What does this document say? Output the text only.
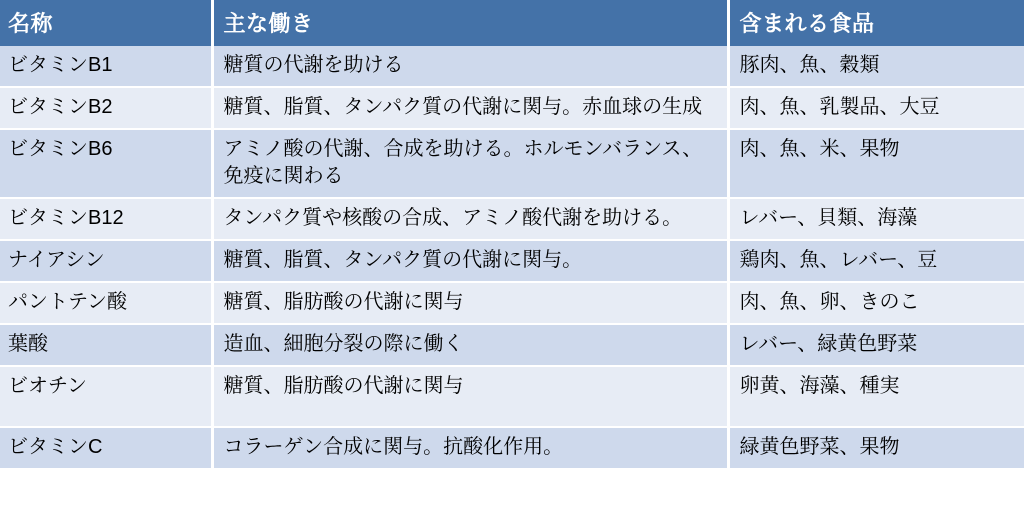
名称	主な働き	含まれる食品
ビタミンB1	糖質の代謝を助ける	豚肉、魚、穀類
ビタミンB2	糖質、脂質、タンパク質の代謝に関与。赤血球の生成	肉、魚、乳製品、大豆
ビタミンB6	アミノ酸の代謝、合成を助ける。ホルモンバランス、免疫に関わる	肉、魚、米、果物
ビタミンB12	タンパク質や核酸の合成、アミノ酸代謝を助ける。	レバー、貝類、海藻
ナイアシン	糖質、脂質、タンパク質の代謝に関与。	鶏肉、魚、レバー、豆
パントテン酸	糖質、脂肪酸の代謝に関与	肉、魚、卵、きのこ
葉酸	造血、細胞分裂の際に働く	レバー、緑黄色野菜
ビオチン	糖質、脂肪酸の代謝に関与	卵黄、海藻、種実
ビタミンC	コラーゲン合成に関与。抗酸化作用。	緑黄色野菜、果物
